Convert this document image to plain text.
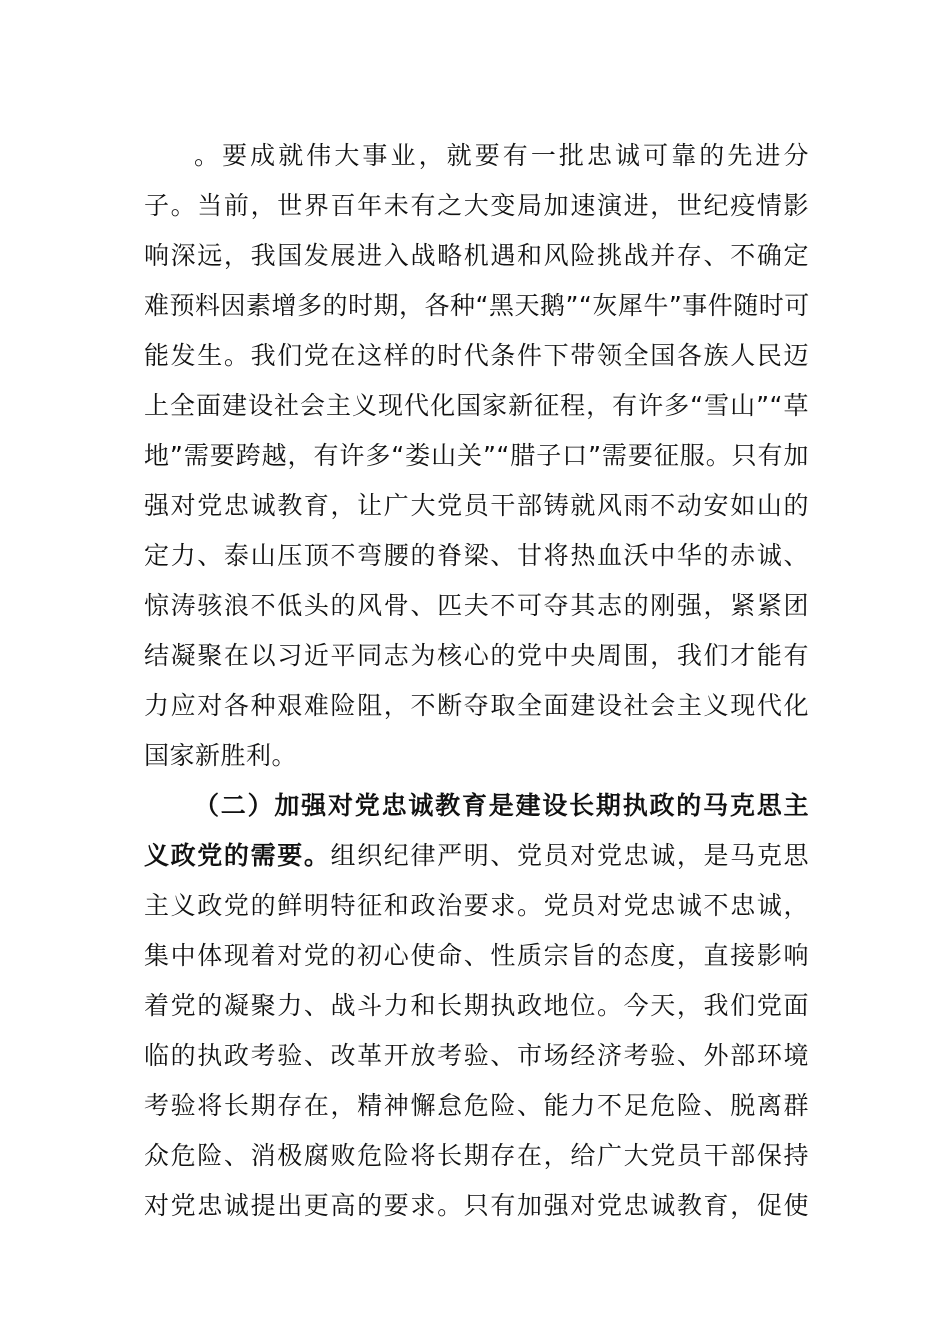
。要成就伟大事业，就要有一批忠诚可靠的先进分
子。当前，世界百年未有之大变局加速演进，世纪疫情影
响深远，我国发展进入战略机遇和风险挑战并存、不确定
难预料因素增多的时期，各种“黑天鹅”“灰犀牛”事件随时可
能发生。我们党在这样的时代条件下带领全国各族人民迈
上全面建设社会主义现代化国家新征程，有许多“雪山”“草
地”需要跨越，有许多“娄山关”“腊子口”需要征服。只有加
强对党忠诚教育，让广大党员干部铸就风雨不动安如山的
定力、泰山压顶不弯腰的脊梁、甘将热血沃中华的赤诚、
惊涛骇浪不低头的风骨、匹夫不可夺其志的刚强，紧紧团
结凝聚在以习近平同志为核心的党中央周围，我们才能有
力应对各种艰难险阻，不断夺取全面建设社会主义现代化
国家新胜利。
（二）加强对党忠诚教育是建设长期执政的马克思主
义政党的需要。组织纪律严明、党员对党忠诚，是马克思
主义政党的鲜明特征和政治要求。党员对党忠诚不忠诚，
集中体现着对党的初心使命、性质宗旨的态度，直接影响
着党的凝聚力、战斗力和长期执政地位。今天，我们党面
临的执政考验、改革开放考验、市场经济考验、外部环境
考验将长期存在，精神懈怠危险、能力不足危险、脱离群
众危险、消极腐败危险将长期存在，给广大党员干部保持
对党忠诚提出更高的要求。只有加强对党忠诚教育，促使
